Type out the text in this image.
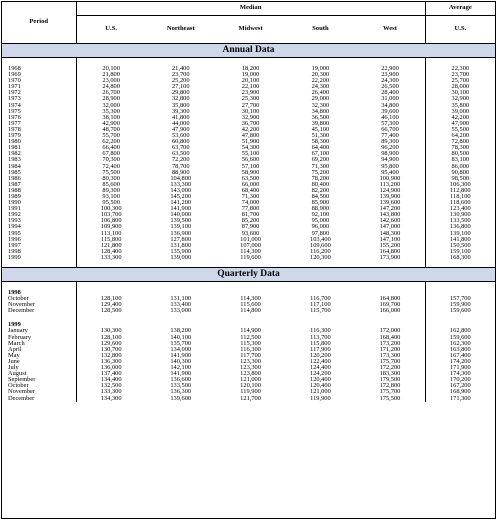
Period	Median					Average
	U.S.	Northeast	Midwest	South	West	U.S.
Annual Data						

1968	20,100	21,400	18,200	19,000	22,900	22,300
1969	21,800	23,700	19,000	20,300	23,900	23,700
1970	23,000	25,200	20,100	22,200	24,300	25,700
1971	24,800	27,100	22,100	24,300	26,500	28,000
1972	26,700	29,800	23,900	26,400	28,400	30,100
1973	28,900	32,800	25,300	29,000	31,000	32,900
1974	32,000	35,800	27,700	32,300	34,800	35,800
1975	35,300	39,300	30,100	34,800	39,600	39,000
1976	38,100	41,800	32,900	36,500	46,100	42,200
1977	42,900	44,000	36,700	39,800	57,300	47,900
1978	48,700	47,900	42,200	45,100	66,700	55,500
1979	55,700	53,600	47,800	51,300	77,400	64,200
1980	62,200	60,800	51,900	58,300	89,300	72,800
1981	66,400	63,700	54,300	64,400	96,200	78,300
1982	67,800	63,500	55,100	67,100	98,900	80,500
1983	70,300	72,200	56,600	69,200	94,900	83,100
1984	72,400	78,700	57,100	71,300	95,800	86,000
1985	75,500	88,900	58,900	75,200	95,400	90,800
1986	80,300	104,800	63,500	78,200	100,900	98,500
1987	85,600	133,300	66,000	80,400	113,200	106,300
1988	89,300	143,000	68,400	82,200	124,900	112,800
1989	93,100	145,200	71,300	84,500	139,900	118,100
1990	95,500	141,200	74,000	85,900	139,600	118,600
1991	100,300	141,900	77,800	88,900	147,200	123,400
1992	103,700	140,000	81,700	92,100	143,800	130,900
1993	106,800	139,500	85,200	95,000	142,600	133,500
1994	109,900	139,100	87,900	96,000	147,000	136,800
1995	113,100	136,900	93,600	97,800	148,300	139,100
1996	115,800	127,800	101,000	103,400	147,100	141,800
1997	121,800	131,800	107,000	109,600	155,200	150,500
1998	128,400	135,900	114,300	116,200	164,800	159,100
1999	133,300	139,000	119,600	120,300	173,900	168,300

Quarterly Data						

1998						
October	128,100	131,100	114,300	116,700	164,800	157,700
November	129,400	133,400	115,600	117,100	169,700	159,900
December	128,500	133,000	114,800	115,700	166,000	159,600

1999						
January	130,300	138,200	114,900	116,300	172,000	162,800
February	128,100	140,100	112,500	113,700	168,400	159,600
March	129,600	135,700	115,300	115,800	173,200	162,300
April	130,700	134,000	116,300	117,900	171,200	163,800
May	132,800	141,900	117,700	120,200	173,300	167,400
June	136,300	140,300	123,300	122,400	175,700	174,200
July	136,000	142,100	123,300	124,400	172,200	171,900
August	137,400	141,900	123,800	124,200	183,300	174,300
September	134,400	136,600	121,000	120,400	179,500	170,200
October	132,500	133,500	120,100	120,400	172,800	167,200
November	133,300	136,300	119,900	121,000	175,700	168,900
December	134,300	139,600	121,700	119,900	175,500	171,300
